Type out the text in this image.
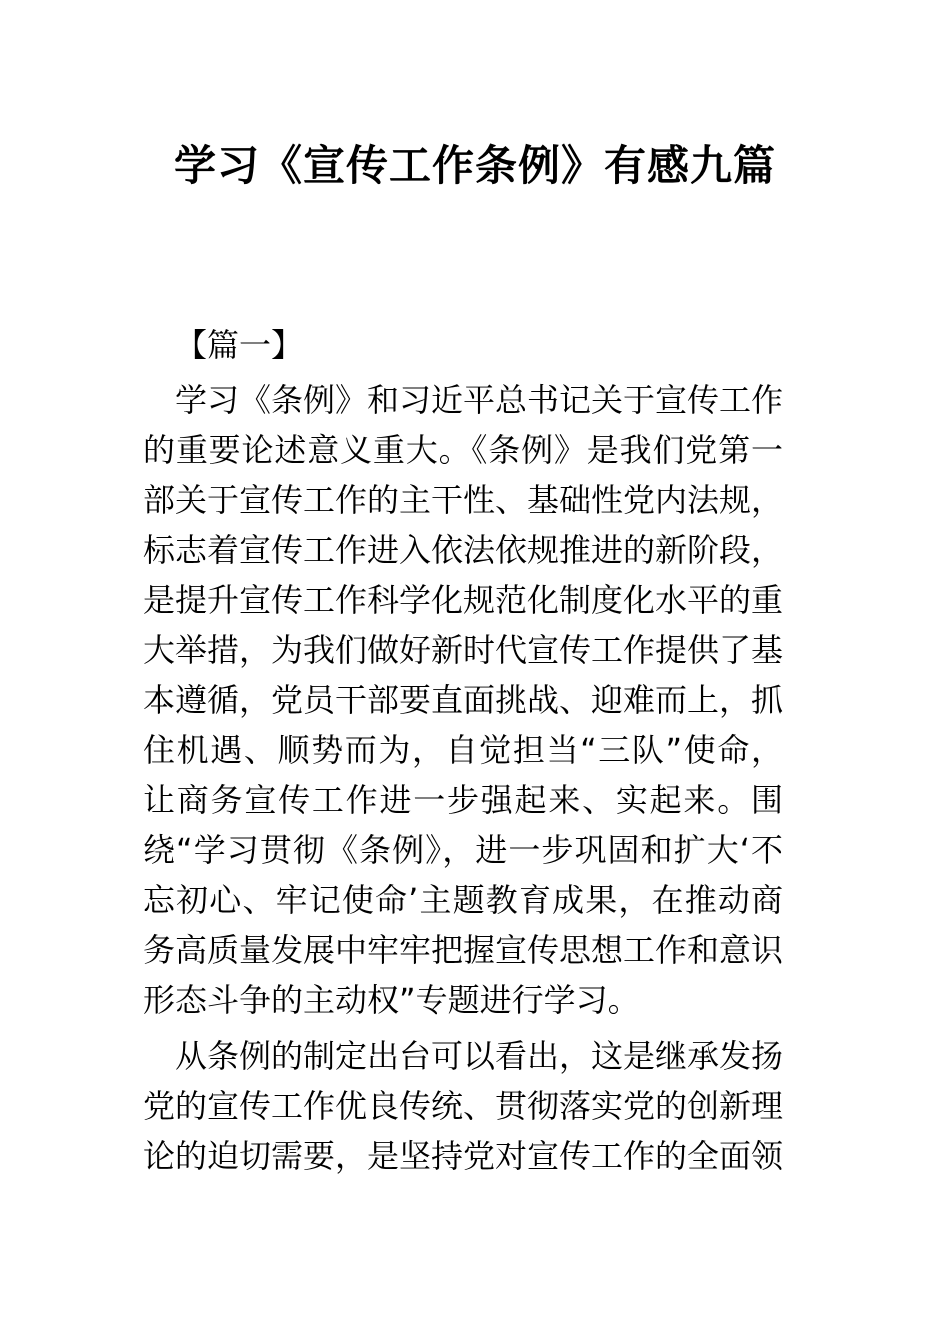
学习《宣传工作条例》有感九篇

【篇一】

学习《条例》和习近平总书记关于宣传工作的重要论述意义重大。《条例》是我们党第一部关于宣传工作的主干性、基础性党内法规，标志着宣传工作进入依法依规推进的新阶段，是提升宣传工作科学化规范化制度化水平的重大举措，为我们做好新时代宣传工作提供了基本遵循，党员干部要直面挑战、迎难而上，抓住机遇、顺势而为，自觉担当“三队”使命，让商务宣传工作进一步强起来、实起来。围绕“学习贯彻《条例》，进一步巩固和扩大‘不忘初心、牢记使命’主题教育成果，在推动商务高质量发展中牢牢把握宣传思想工作和意识形态斗争的主动权”专题进行学习。

从条例的制定出台可以看出，这是继承发扬党的宣传工作优良传统、贯彻落实党的创新理论的迫切需要，是坚持党对宣传工作的全面领
